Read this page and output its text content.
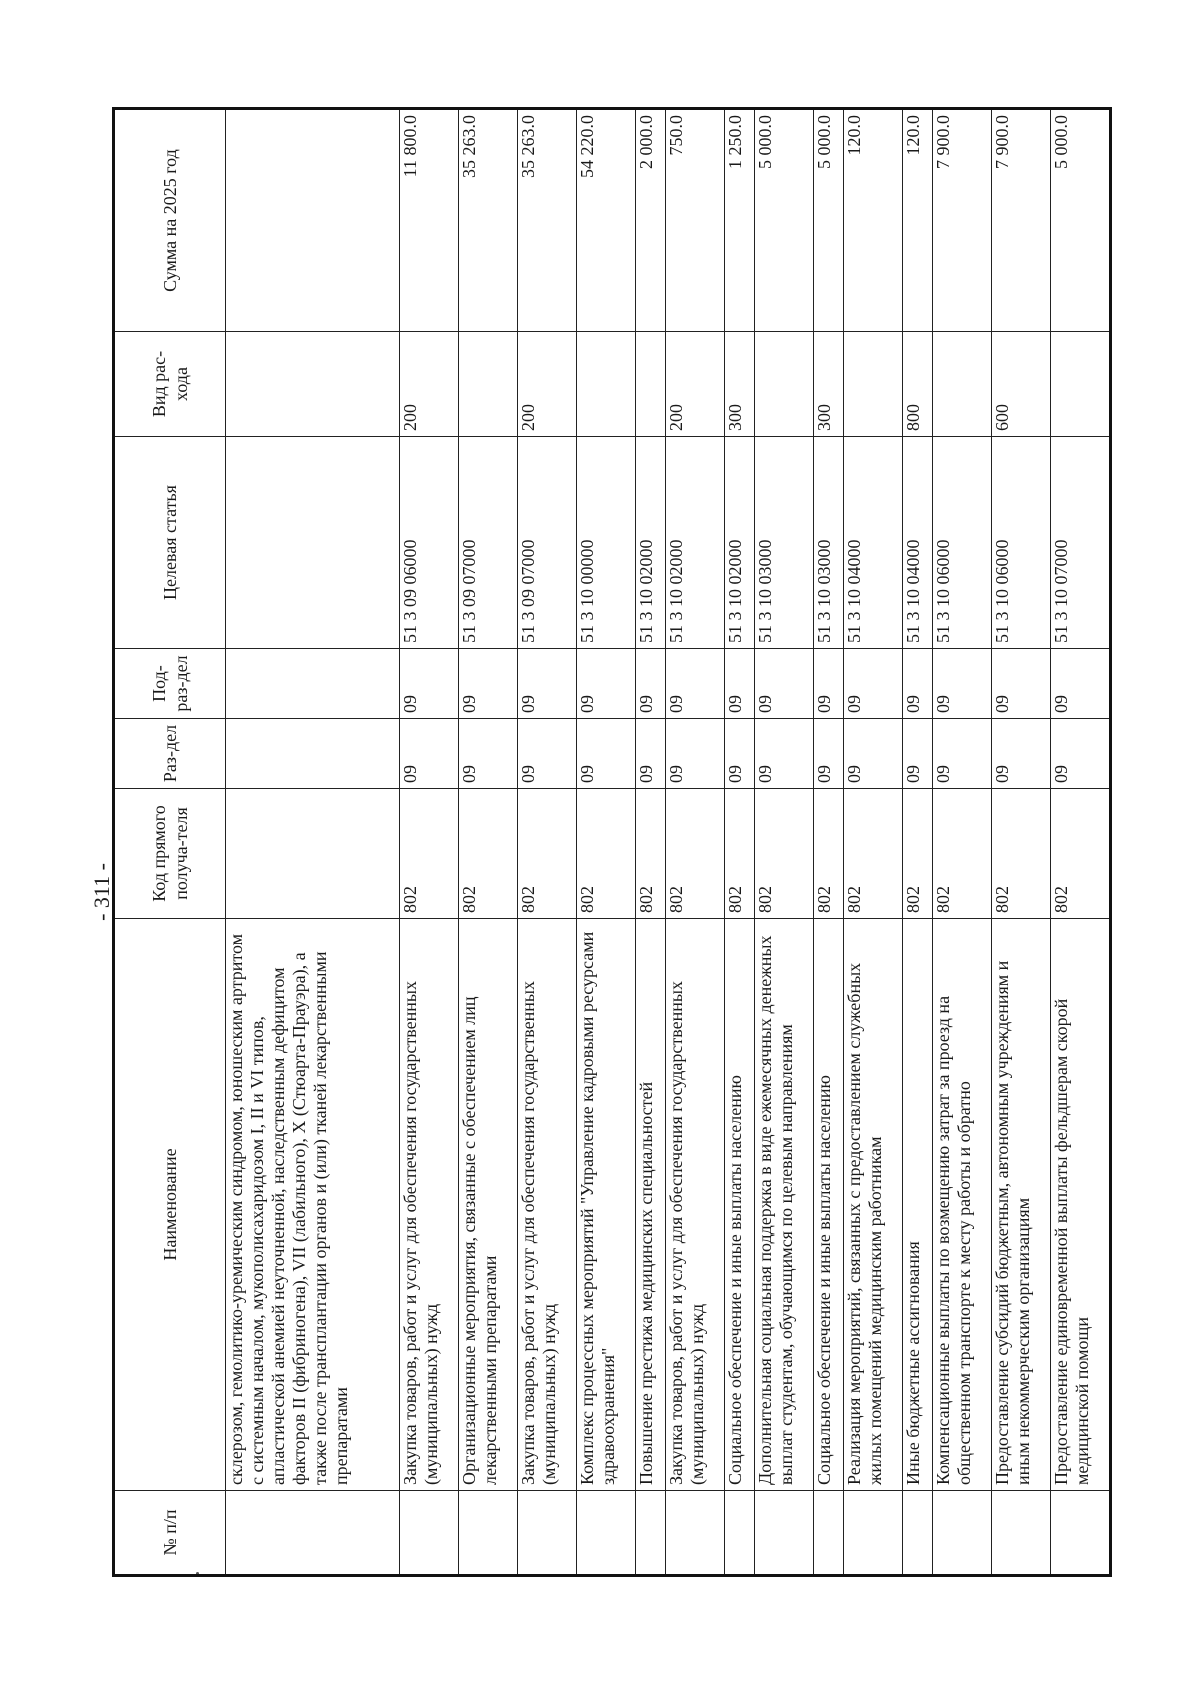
- 311 -
№ п/п	Наименование	Код прямого получа-теля	Раз-дел	Под-раз-дел	Целевая статья	Вид рас-хода	Сумма на 2025 год
	склерозом, гемолитико-уремическим синдромом, юношеским артритом с системным началом, мукополисахаридозом I, II и VI типов, апластической анемией неуточненной, наследственным дефицитом факторов II (фибриногена), VII (лабильного), X (Стюарта-Прауэра), а также после трансплантации органов и (или) тканей лекарственными препаратами						
	Закупка товаров, работ и услуг для обеспечения государственных (муниципальных) нужд	802	09	09	51 3 09 06000	200	11 800.0
	Организационные мероприятия, связанные с обеспечением лиц лекарственными препаратами	802	09	09	51 3 09 07000		35 263.0
	Закупка товаров, работ и услуг для обеспечения государственных (муниципальных) нужд	802	09	09	51 3 09 07000	200	35 263.0
	Комплекс процессных мероприятий "Управление кадровыми ресурсами здравоохранения"	802	09	09	51 3 10 00000		54 220.0
	Повышение престижа медицинских специальностей	802	09	09	51 3 10 02000		2 000.0
	Закупка товаров, работ и услуг для обеспечения государственных (муниципальных) нужд	802	09	09	51 3 10 02000	200	750.0
	Социальное обеспечение и иные выплаты населению	802	09	09	51 3 10 02000	300	1 250.0
	Дополнительная социальная поддержка в виде ежемесячных денежных выплат студентам, обучающимся по целевым направлениям	802	09	09	51 3 10 03000		5 000.0
	Социальное обеспечение и иные выплаты населению	802	09	09	51 3 10 03000	300	5 000.0
	Реализация мероприятий, связанных с предоставлением служебных жилых помещений медицинским работникам	802	09	09	51 3 10 04000		120.0
	Иные бюджетные ассигнования	802	09	09	51 3 10 04000	800	120.0
	Компенсационные выплаты по возмещению затрат за проезд на общественном транспорте к месту работы и обратно	802	09	09	51 3 10 06000		7 900.0
	Предоставление субсидий бюджетным, автономным учреждениям и иным некоммерческим организациям	802	09	09	51 3 10 06000	600	7 900.0
	Предоставление единовременной выплаты фельдшерам скорой медицинской помощи	802	09	09	51 3 10 07000		5 000.0
